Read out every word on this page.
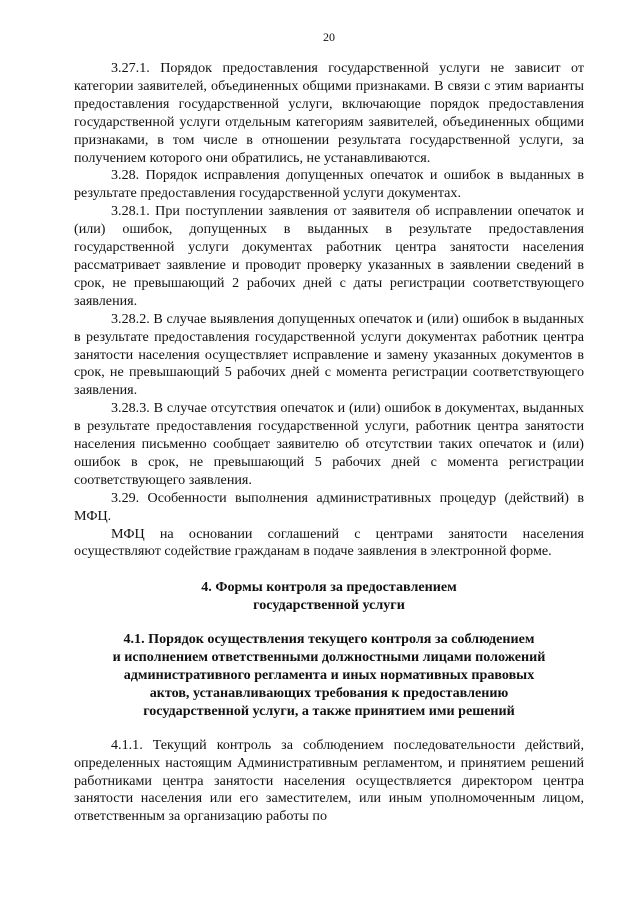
20

3.27.1. Порядок предоставления государственной услуги не зависит от категории заявителей, объединенных общими признаками. В связи с этим варианты предоставления государственной услуги, включающие порядок предоставления государственной услуги отдельным категориям заявителей, объединенных общими признаками, в том числе в отношении результата государственной услуги, за получением которого они обратились, не устанавливаются.

3.28. Порядок исправления допущенных опечаток и ошибок в выданных в результате предоставления государственной услуги документах.

3.28.1. При поступлении заявления от заявителя об исправлении опечаток и (или) ошибок, допущенных в выданных в результате предоставления государственной услуги документах работник центра занятости населения рассматривает заявление и проводит проверку указанных в заявлении сведений в срок, не превышающий 2 рабочих дней с даты регистрации соответствующего заявления.

3.28.2. В случае выявления допущенных опечаток и (или) ошибок в выданных в результате предоставления государственной услуги документах работник центра занятости населения осуществляет исправление и замену указанных документов в срок, не превышающий 5 рабочих дней с момента регистрации соответствующего заявления.

3.28.3. В случае отсутствия опечаток и (или) ошибок в документах, выданных в результате предоставления государственной услуги, работник центра занятости населения письменно сообщает заявителю об отсутствии таких опечаток и (или) ошибок в срок, не превышающий 5 рабочих дней с момента регистрации соответствующего заявления.

3.29. Особенности выполнения административных процедур (действий) в МФЦ.

МФЦ на основании соглашений с центрами занятости населения осуществляют содействие гражданам в подаче заявления в электронной форме.

4. Формы контроля за предоставлением
государственной услуги
4.1. Порядок осуществления текущего контроля за соблюдением
и исполнением ответственными должностными лицами положений
административного регламента и иных нормативных правовых
актов, устанавливающих требования к предоставлению
государственной услуги, а также принятием ими решений

4.1.1. Текущий контроль за соблюдением последовательности действий, определенных настоящим Административным регламентом, и принятием решений работниками центра занятости населения осуществляется директором центра занятости населения или его заместителем, или иным уполномоченным лицом, ответственным за организацию работы по
